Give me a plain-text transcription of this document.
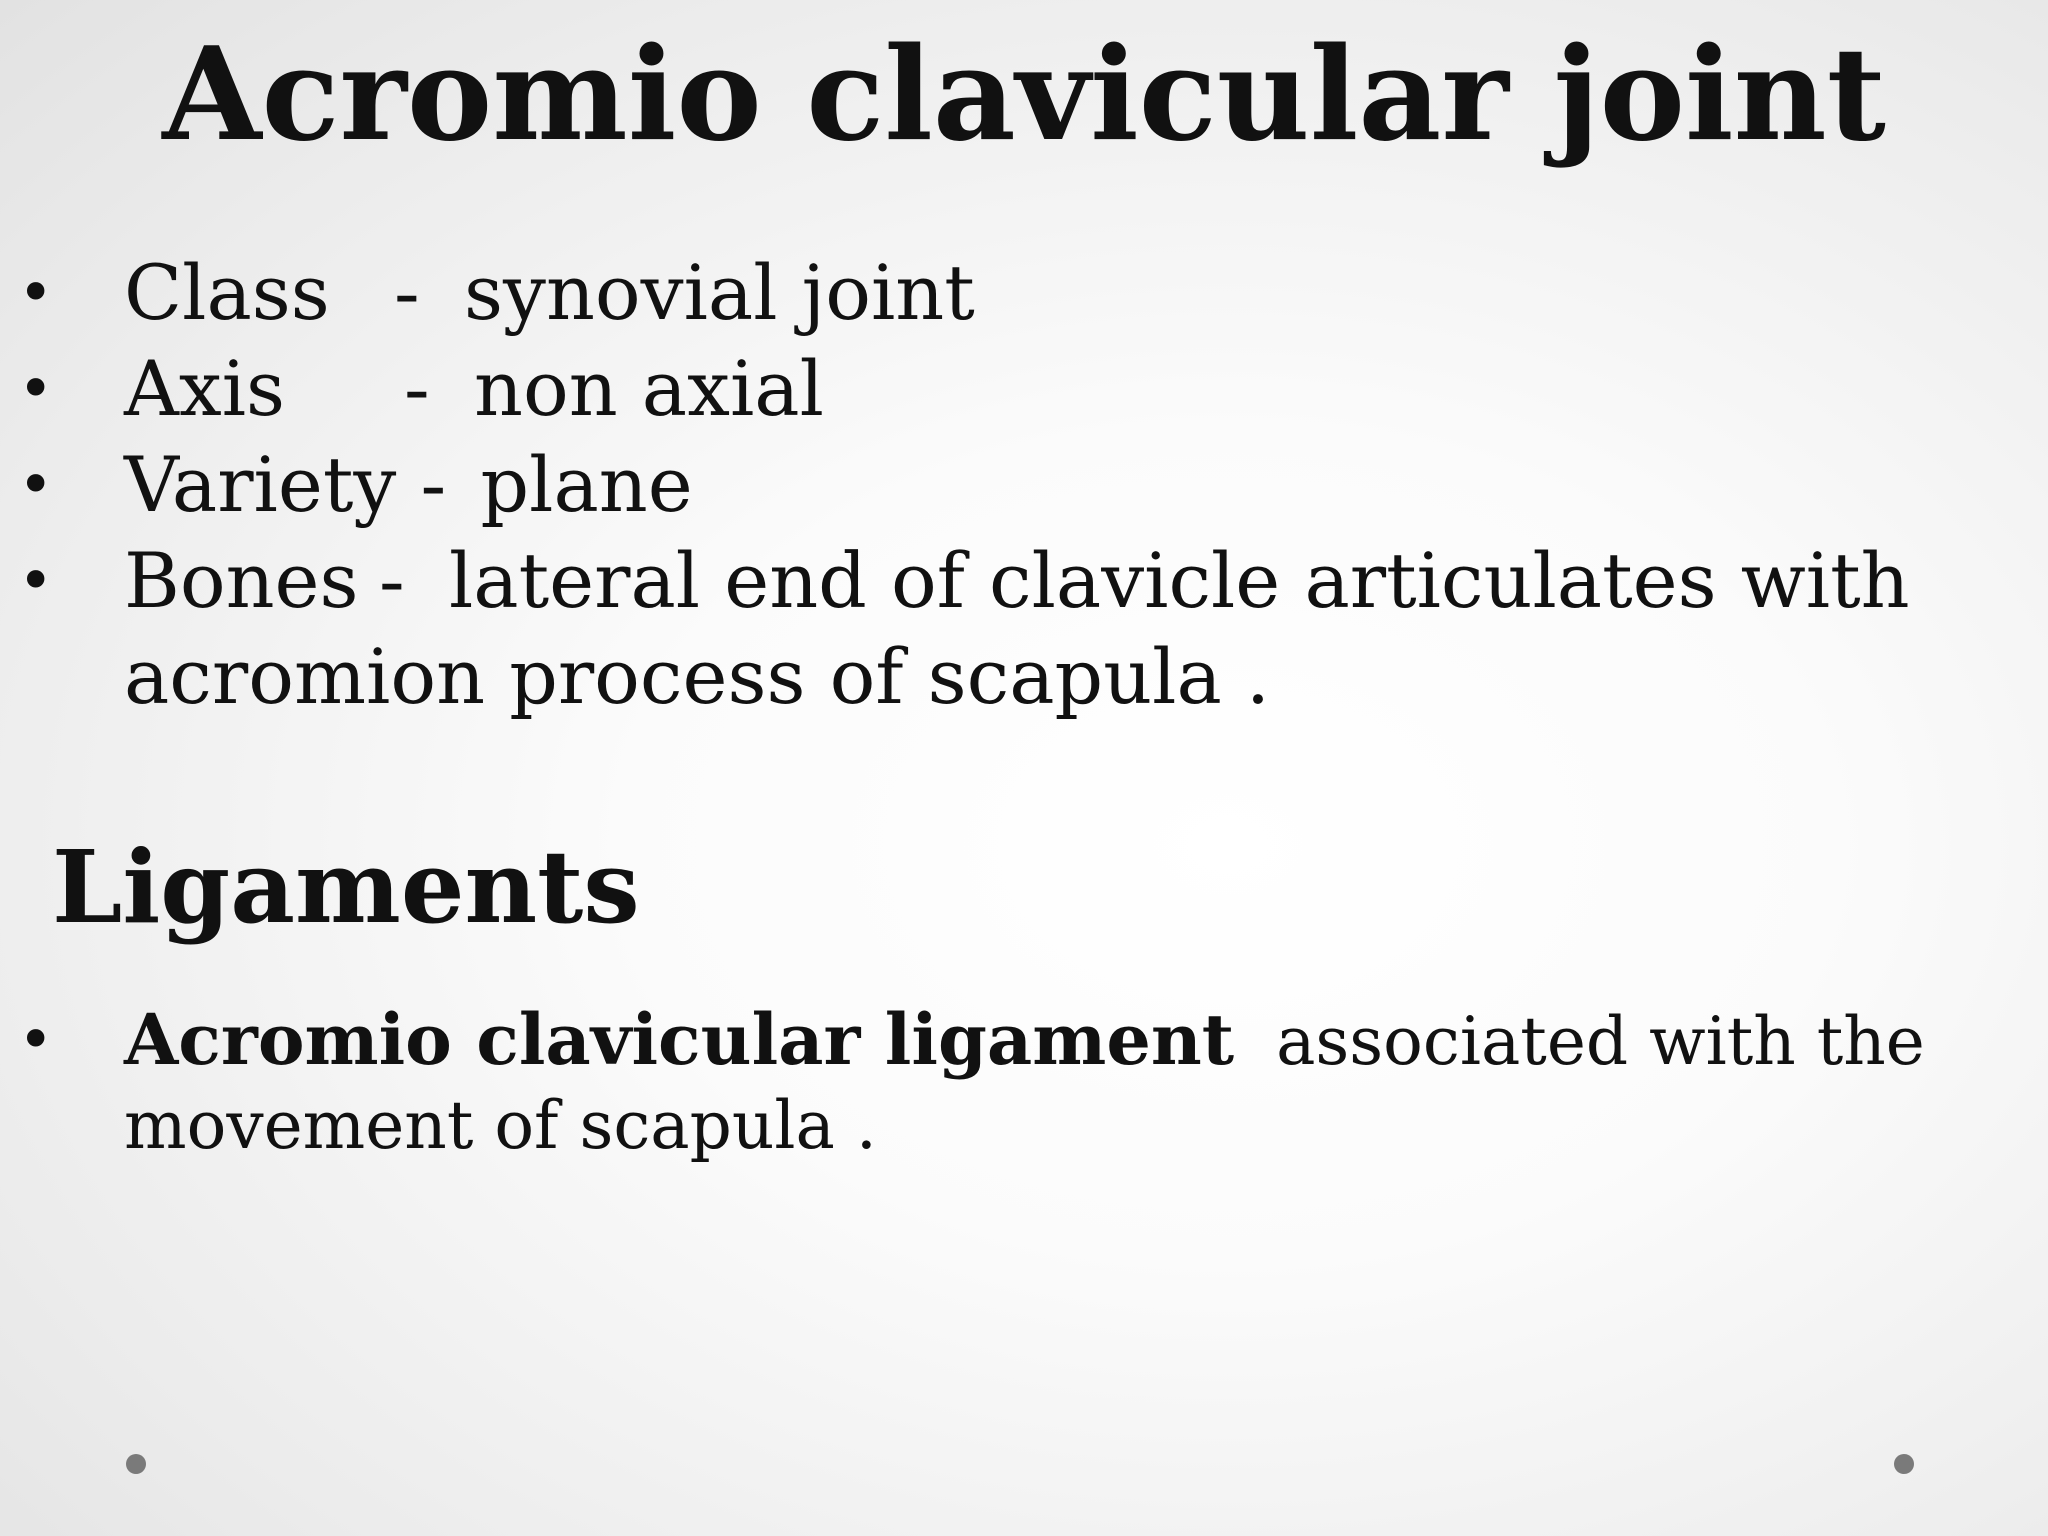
Acromio clavicular joint
• Class - synovial joint
• Axis - non axial
• Variety - plane
• Bones - lateral end of clavicle articulates with
acromion process of scapula .
Ligaments
• Acromio clavicular ligament associated with the
movement of scapula .
